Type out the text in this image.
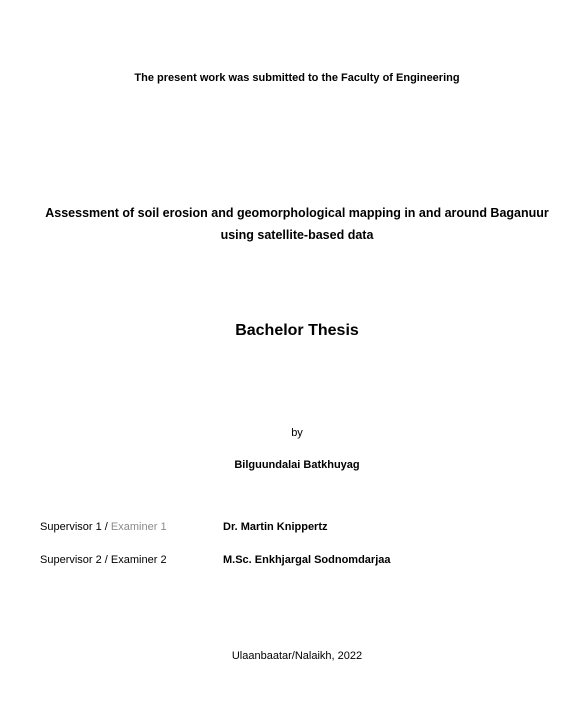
The present work was submitted to the Faculty of Engineering

Assessment of soil erosion and geomorphological mapping in and around Baganuur
using satellite-based data

Bachelor Thesis

by

Bilguundalai Batkhuyag

Supervisor 1 / Examiner 1	Dr. Martin Knippertz
Supervisor 2 / Examiner 2	M.Sc. Enkhjargal Sodnomdarjaa

Ulaanbaatar/Nalaikh, 2022
